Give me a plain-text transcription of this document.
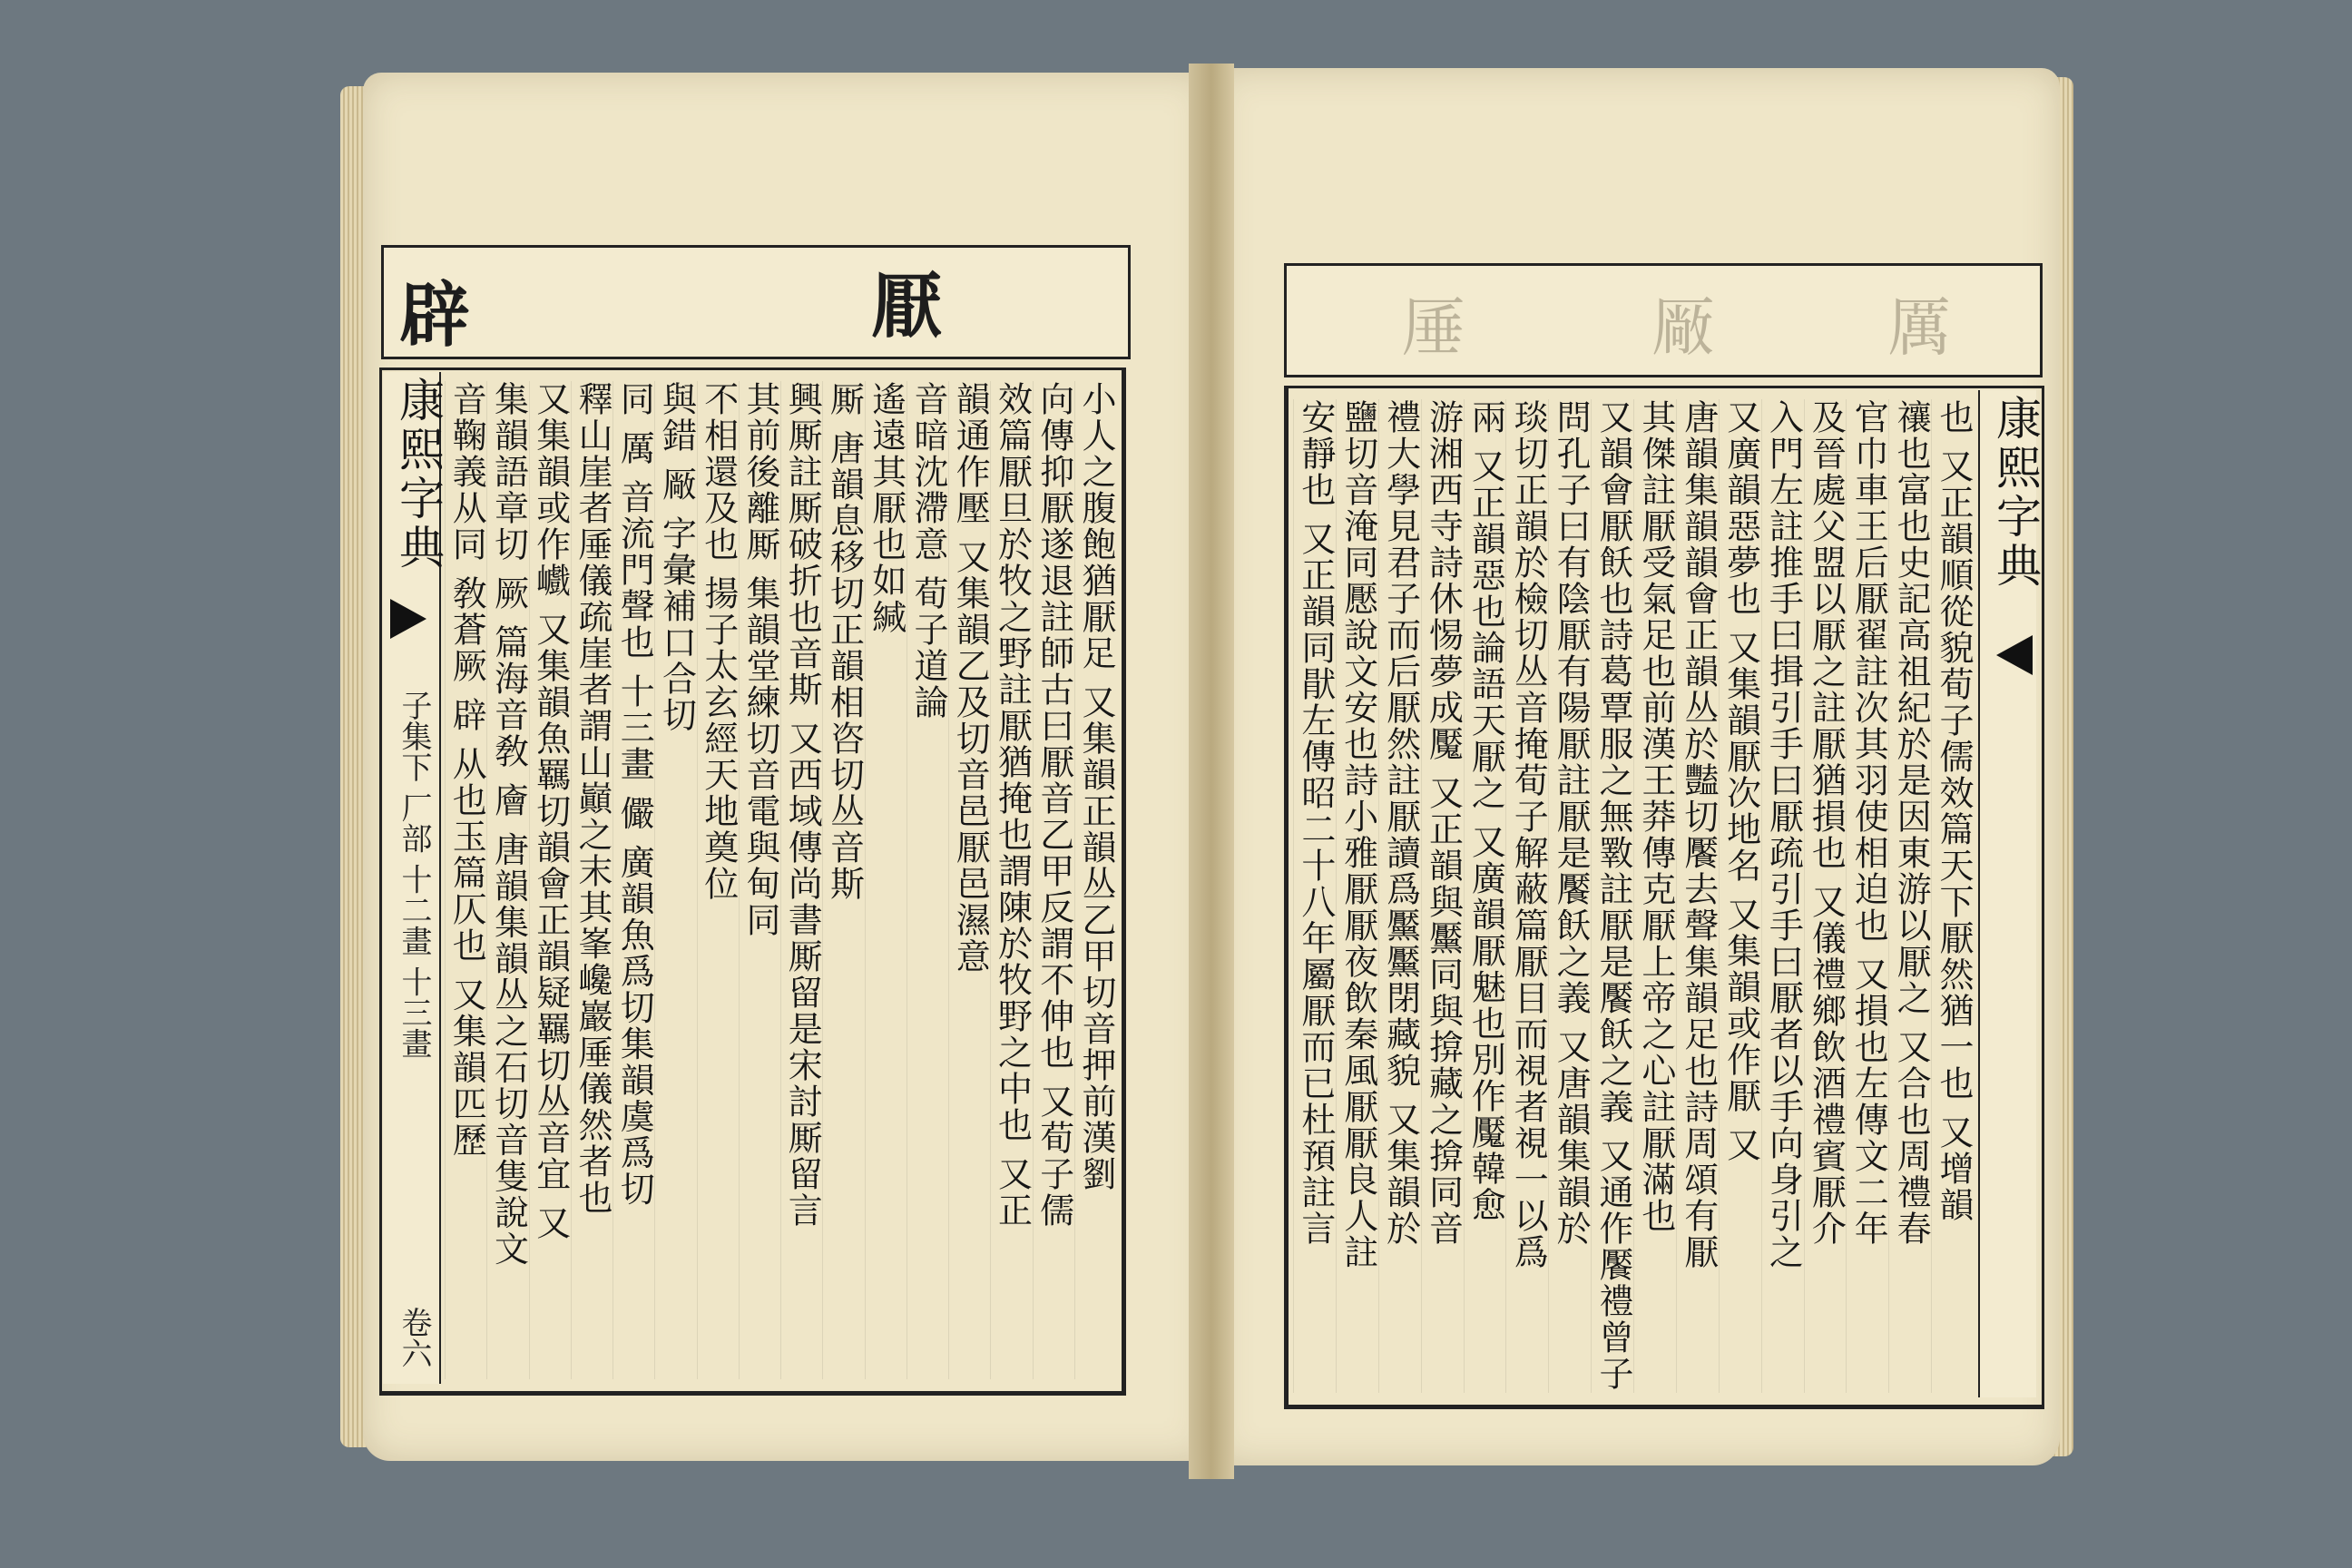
辟	厭
康熙字典
子集下 厂部 十二畫 十三畫
卷六
小人之腹飽猶厭足 又集韻正韻丛乙甲切音押前漢劉
向傳抑厭遂退註師古曰厭音乙甲反謂不伸也 又荀子儒
效篇厭旦於牧之野註厭猶掩也謂陳於牧野之中也 又正
韻通作壓 又集韻乙及切音邑厭邑濕意
音暗沈滯意 荀子道論
遙遠其厭也如緘
厮 唐韻息移切正韻相咨切丛音斯
興厮註厮破折也音斯 又西域傳尚書厮留是宋討厮留言
其前後離厮 集韻堂練切音電與甸同
不相還及也 揚子太玄經天地奠位
與錯 厰 字彙補口合切
同 厲 音流門聲也 十三畫 儼 廣韻魚爲切集韻虞爲切
釋山崖者厜儀疏崖者謂山巓之末其峯巉巖厜儀然者也
又集韻或作巇 又集韻魚羈切韻會正韻疑羈切丛音宜 又
集韻語章切 厥 篇海音敎 廥 唐韻集韻丛之石切音隻說文
音鞠義从同 敎蒼厥 辟 从也玉篇仄也 又集韻匹歷
厜	厰	厲
康熙字典
也 又正韻順從貌荀子儒效篇天下厭然猶一也 又增韻
禳也富也史記高祖紀於是因東游以厭之 又合也周禮春
官巾車王后厭翟註次其羽使相迫也 又損也左傳文二年
及晉處父盟以厭之註厭猶損也 又儀禮鄉飲酒禮賓厭介
入門左註推手曰揖引手曰厭疏引手曰厭者以手向身引之
又廣韻惡夢也 又集韻厭次地名 又集韻或作厭 又
唐韻集韻韻會正韻丛於豔切饜去聲集韻足也詩周頌有厭
其傑註厭受氣足也前漢王莽傳克厭上帝之心註厭滿也
又韻會厭飫也詩葛覃服之無斁註厭是饜飫之義 又通作饜禮曾子
問孔子曰有陰厭有陽厭註厭是饜飫之義 又唐韻集韻於
琰切正韻於檢切丛音掩荀子解蔽篇厭目而視者視一以爲
兩 又正韻惡也論語天厭之 又廣韻厭魅也別作魘韓愈
游湘西寺詩休惕夢成魘 又正韻與黶同與揜藏之揜同音
禮大學見君子而后厭然註厭讀爲黶黶閉藏貌 又集韻於
鹽切音淹同懕說文安也詩小雅厭厭夜飲秦風厭厭良人註
安靜也 又正韻同猒左傳昭二十八年屬厭而已杜預註言
